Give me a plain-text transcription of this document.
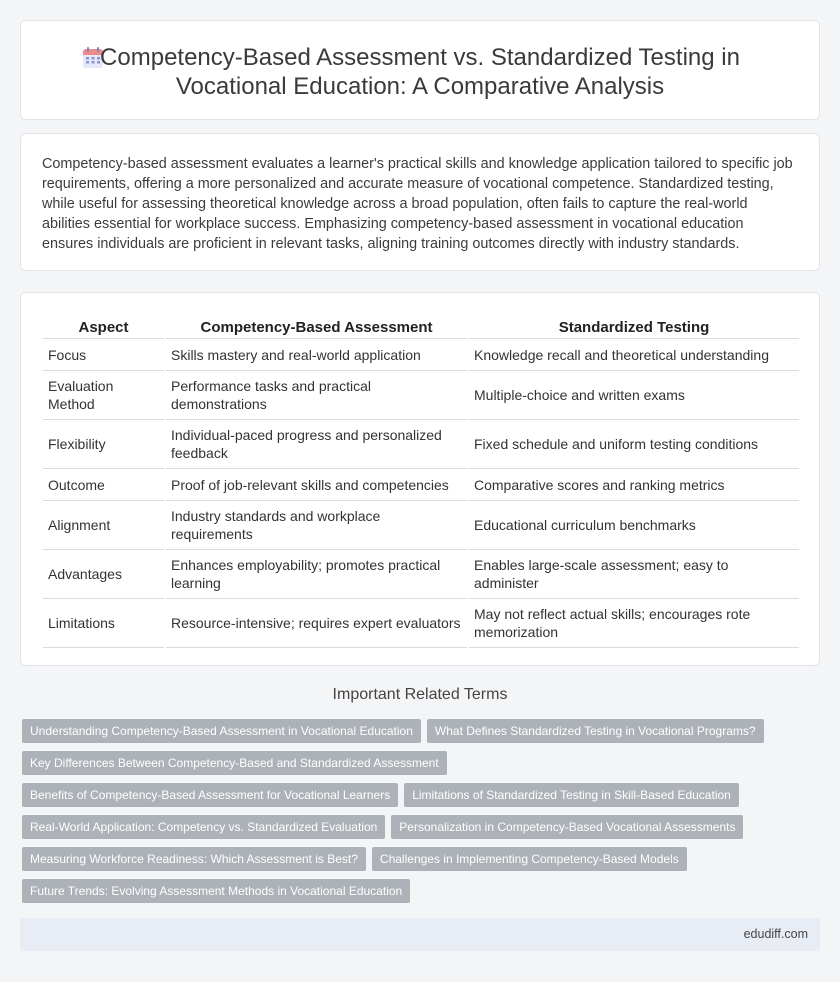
Competency-Based Assessment vs. Standardized Testing in
Vocational Education: A Comparative Analysis

Competency-based assessment evaluates a learner's practical skills and knowledge application tailored to specific job requirements, offering a more personalized and accurate measure of vocational competence. Standardized testing, while useful for assessing theoretical knowledge across a broad population, often fails to capture the real-world abilities essential for workplace success. Emphasizing competency-based assessment in vocational education ensures individuals are proficient in relevant tasks, aligning training outcomes directly with industry standards.

Aspect	Competency-Based Assessment	Standardized Testing
Focus	Skills mastery and real-world application	Knowledge recall and theoretical understanding
Evaluation Method	Performance tasks and practical demonstrations	Multiple-choice and written exams
Flexibility	Individual-paced progress and personalized feedback	Fixed schedule and uniform testing conditions
Outcome	Proof of job-relevant skills and competencies	Comparative scores and ranking metrics
Alignment	Industry standards and workplace requirements	Educational curriculum benchmarks
Advantages	Enhances employability; promotes practical learning	Enables large-scale assessment; easy to administer
Limitations	Resource-intensive; requires expert evaluators	May not reflect actual skills; encourages rote memorization
Important Related Terms
Understanding Competency-Based Assessment in Vocational Education What Defines Standardized Testing in Vocational Programs?
Key Differences Between Competency-Based and Standardized Assessment
Benefits of Competency-Based Assessment for Vocational Learners Limitations of Standardized Testing in Skill-Based Education
Real-World Application: Competency vs. Standardized Evaluation Personalization in Competency-Based Vocational Assessments
Measuring Workforce Readiness: Which Assessment is Best? Challenges in Implementing Competency-Based Models
Future Trends: Evolving Assessment Methods in Vocational Education
edudiff.com
